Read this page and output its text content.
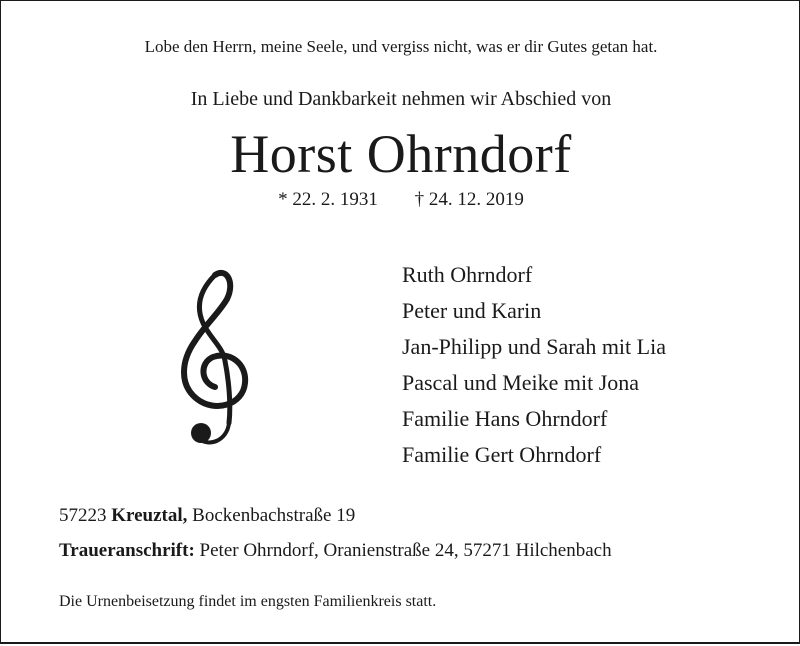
Lobe den Herrn, meine Seele, und vergiss nicht, was er dir Gutes getan hat.
In Liebe und Dankbarkeit nehmen wir Abschied von
Horst Ohrndorf
* 22. 2. 1931 † 24. 12. 2019
Ruth Ohrndorf
Peter und Karin
Jan-Philipp und Sarah mit Lia
Pascal und Meike mit Jona
Familie Hans Ohrndorf
Familie Gert Ohrndorf
57223 Kreuztal, Bockenbachstraße 19
Traueranschrift: Peter Ohrndorf, Oranienstraße 24, 57271 Hilchenbach
Die Urnenbeisetzung findet im engsten Familienkreis statt.
